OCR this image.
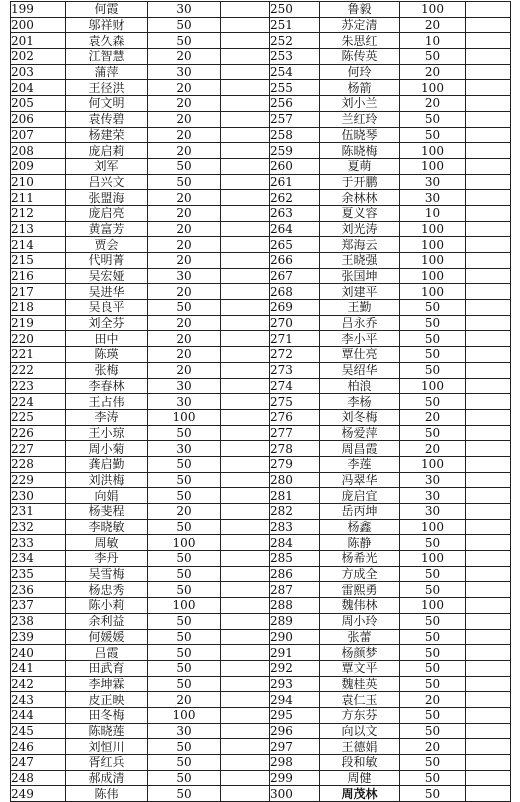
199	何霞	30		250	鲁毅	100	
200	邬祥财	50		251	苏定清	20	
201	袁久森	50		252	朱思红	10	
202	江智慧	20		253	陈传英	50	
203	蒲萍	30		254	何玲	20	
204	王径洪	20		255	杨箭	100	
205	何文明	20		256	刘小兰	20	
206	袁传碧	20		257	兰红玲	50	
207	杨建荣	20		258	伍晓琴	50	
208	庞启莉	20		259	陈晓梅	100	
209	刘军	50		260	夏萌	100	
210	吕兴文	50		261	于开鹏	30	
211	张盟海	20		262	余林林	30	
212	庞启亮	20		263	夏义容	10	
213	黄富芳	20		264	刘光涛	100	
214	贾会	20		265	郑海云	100	
215	代明菁	20		266	王晓强	100	
216	吴宏娅	30		267	张国坤	100	
217	吴进华	20		268	刘建平	100	
218	吴良平	50		269	王勤	50	
219	刘全芬	20		270	吕永乔	50	
220	田中	20		271	李小平	50	
221	陈瑛	20		272	覃仕亮	50	
222	张梅	20		273	吴绍华	50	
223	李春林	30		274	柏浪	100	
224	王占伟	30		275	李杨	50	
225	李涛	100		276	刘冬梅	20	
226	王小琼	50		277	杨爱萍	50	
227	周小菊	30		278	周昌霞	20	
228	龚启勤	50		279	李莲	100	
229	刘洪梅	50		280	冯翠华	30	
230	向娟	50		281	庞启宜	30	
231	杨斐程	20		282	岳丙坤	30	
232	李晓敏	50		283	杨鑫	100	
233	周敏	100		284	陈静	50	
234	李丹	50		285	杨希光	100	
235	吴雪梅	50		286	方成全	50	
236	杨忠秀	50		287	雷熙勇	50	
237	陈小莉	100		288	魏伟林	100	
238	余利益	50		289	周小玲	50	
239	何媛媛	50		290	张蕾	50	
240	吕霞	50		291	杨颜梦	50	
241	田武育	50		292	覃文平	50	
242	李坤霖	50		293	魏桂英	50	
243	皮正映	20		294	袁仁玉	20	
244	田冬梅	100		295	方东芬	50	
245	陈晓莲	30		296	向以文	50	
246	刘恒川	50		297	王德娟	20	
247	胥红兵	50		298	段和敏	50	
248	郝成清	50		299	周健	50	
249	陈伟	50		300	周茂林	50	
